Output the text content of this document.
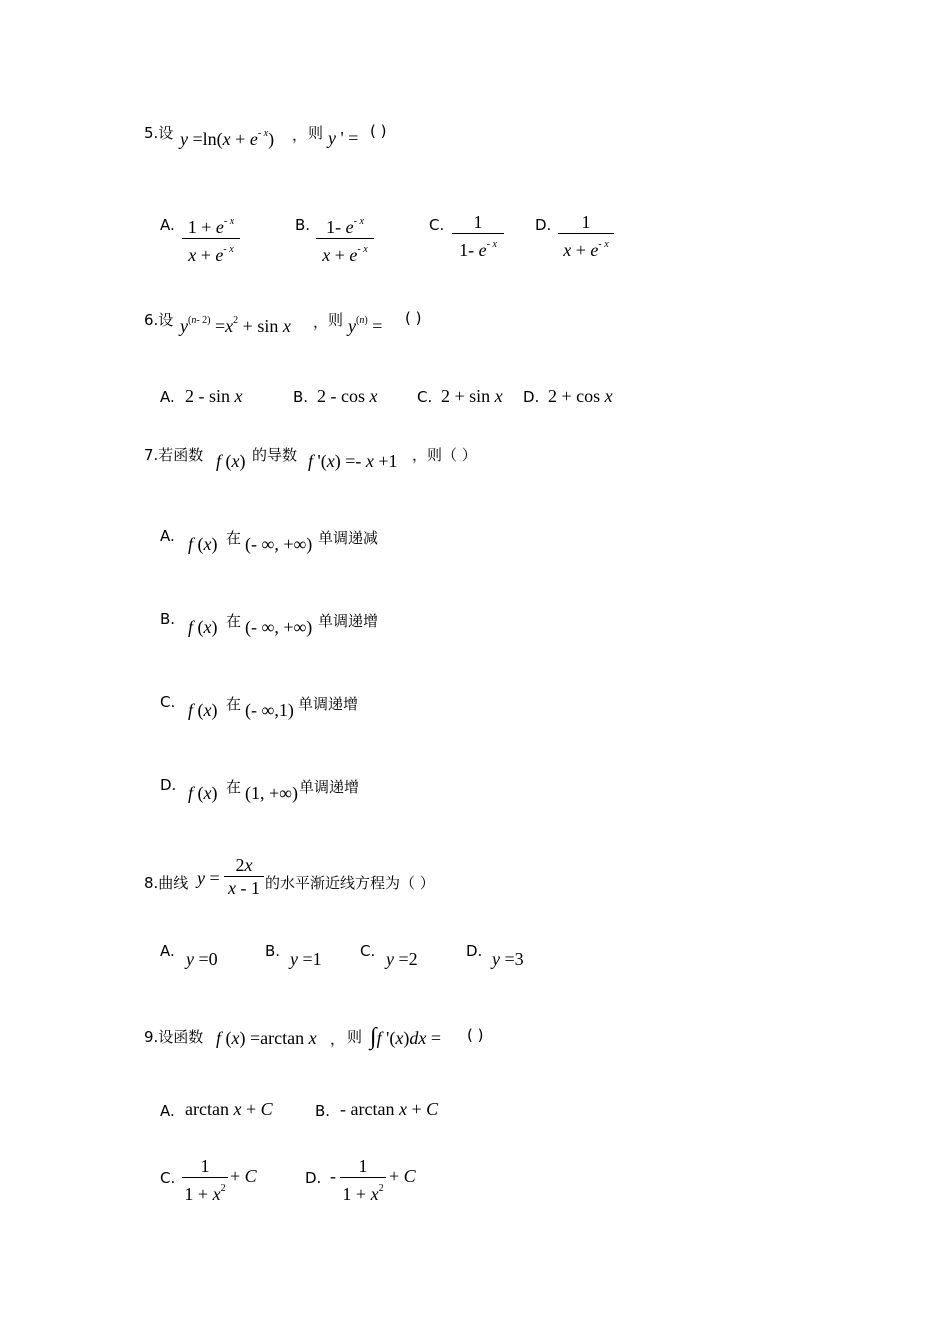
5.设 y =ln(x + e- $^x$) ， 则 y ' = ( )
A. $\frac{1 + e^- ^x}{x + e^- ^x}$	B. $\frac{1- e^- ^x}{x + e^- ^x}$	C. $\frac{1}{1- e^- ^x} D$. $\frac{1}{x + e^- ^x}$
6.设 $y^{(n- 2)} =x^2 + \sin x$ ， 则 $y^{(n)}$ = ( )
A. 2 - sin x	B. 2 - cos x	C. 2 + sin x D. 2 + cos x
7.若函数 f (x) 的导数 f '(x) =- x +1 ，则（ ）
A. f (x) 在 (- ∞, +∞) 单调递减
B. f (x) 在 (- ∞, +∞) 单调递增
C. f (x) 在 (- ∞,1) 单调递增
D. f (x) 在 (1, +∞) 单调递增
8.曲线 $y = \frac{2x}{x - 1}$ 的水平渐近线方程为（ ）
A. y =0	B. y =1	C. y =2	D. y =3
9.设函数 f (x) =arctan x ， 则 ∫f '(x)dx = ( )
A. arctan x + C	B. - arctan x + C
C. $\frac{1}{1 + x^2} + C$	D. - $\frac{1}{1 + x^2} + C$
